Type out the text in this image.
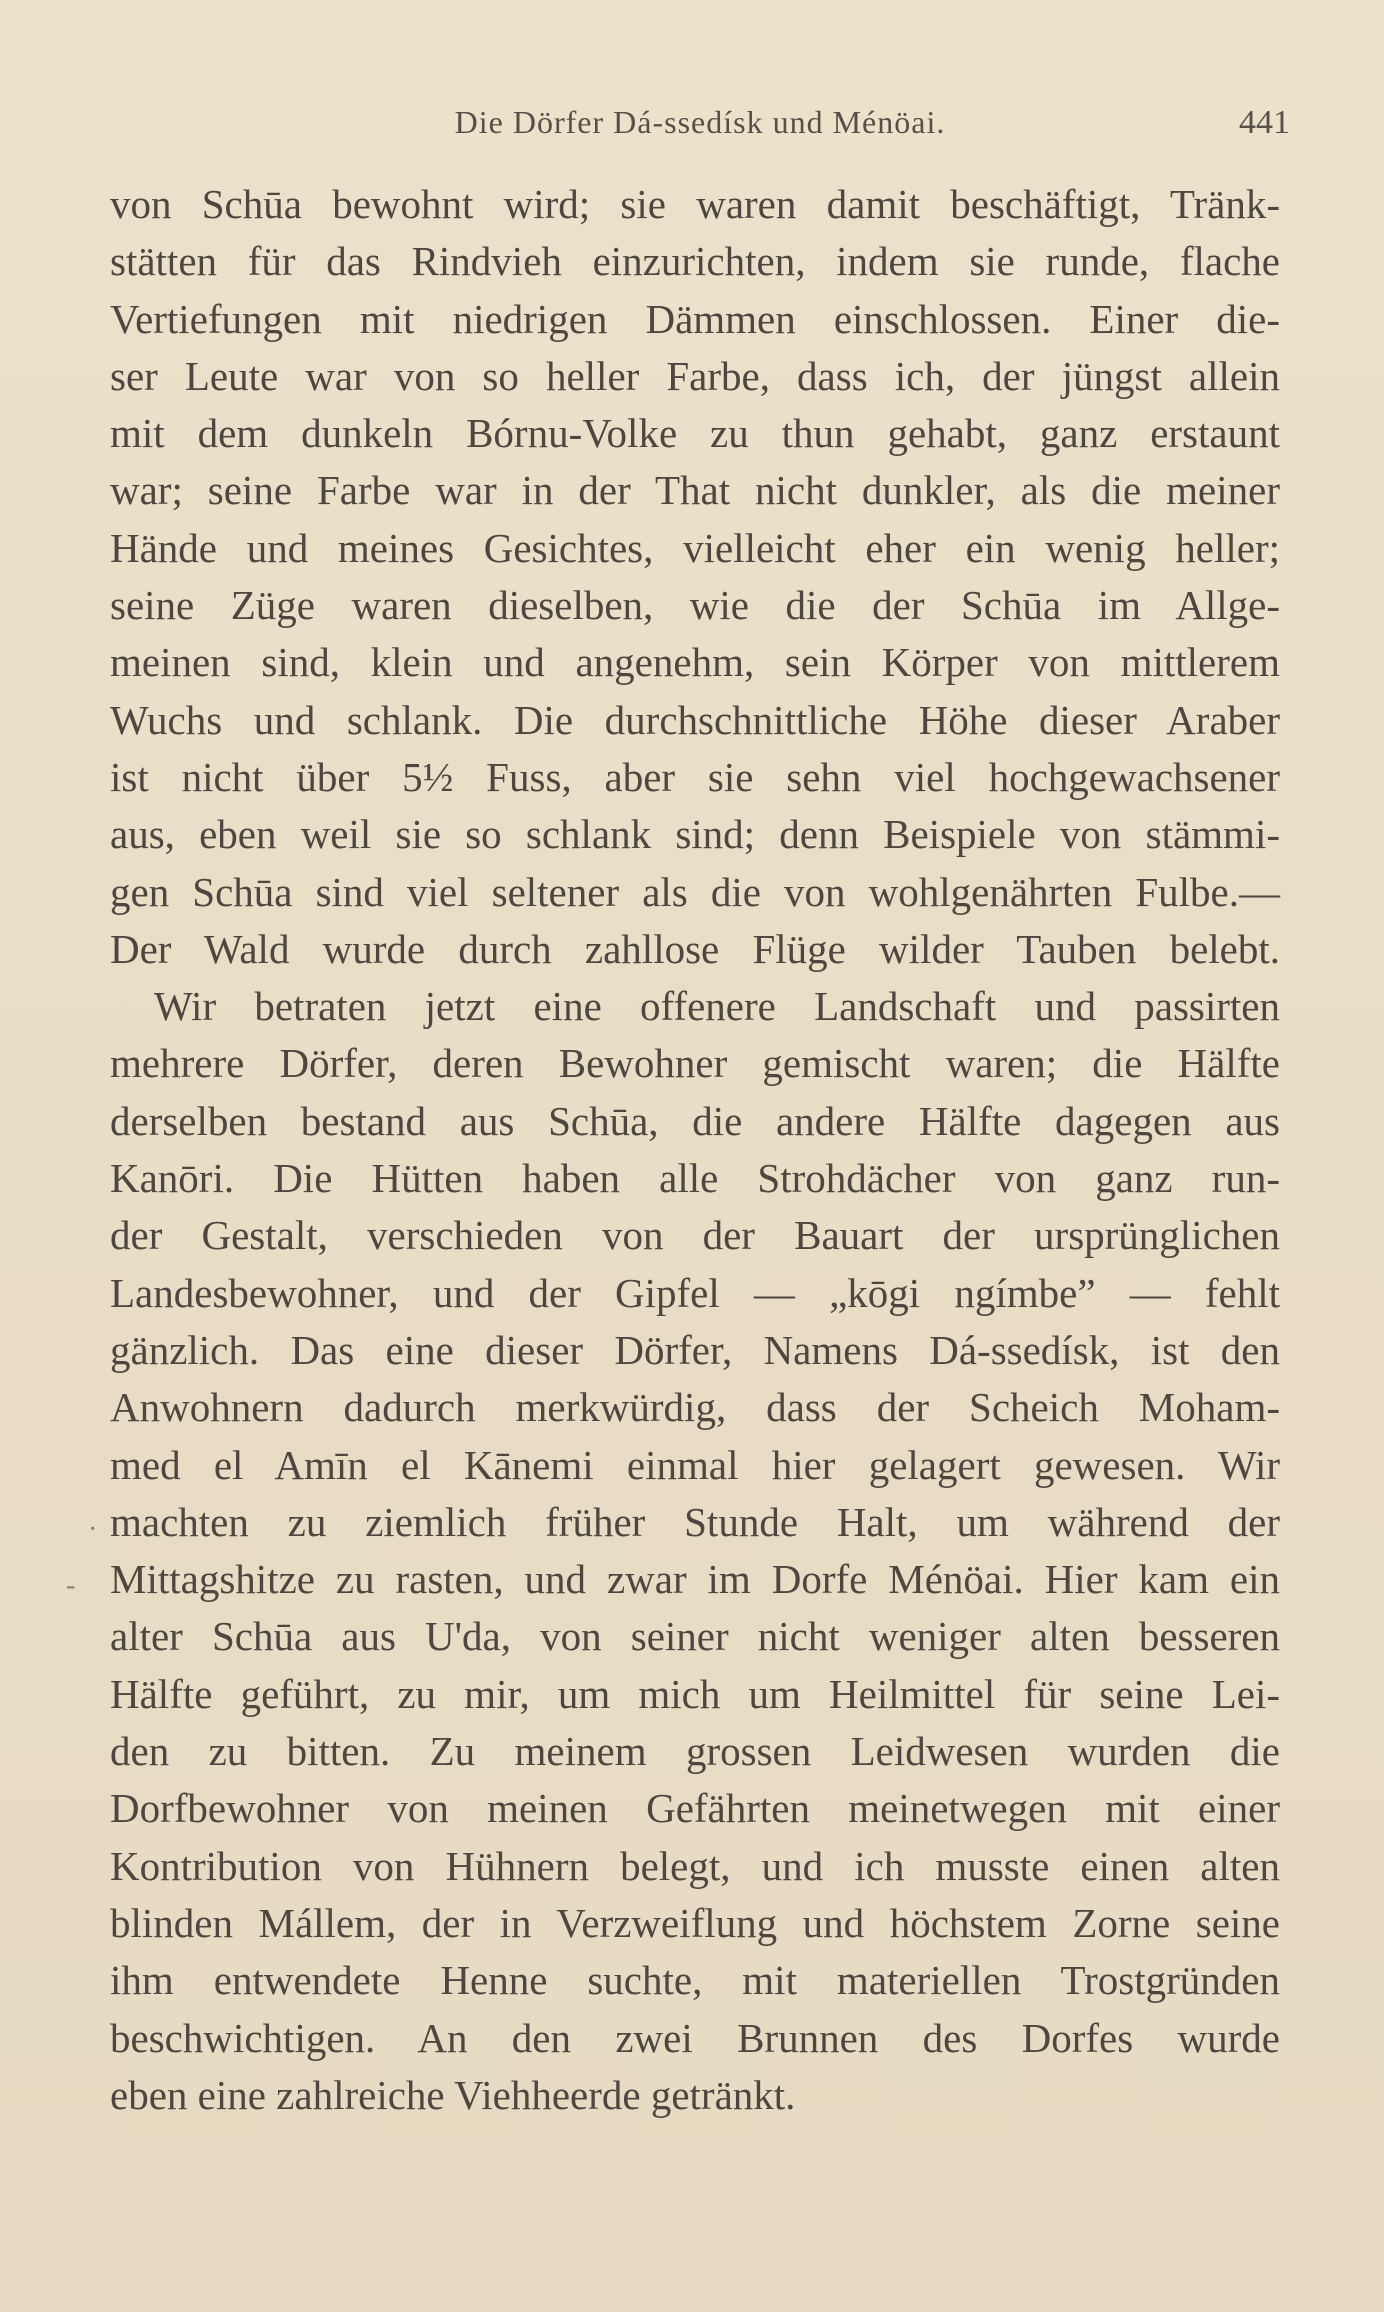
Die Dörfer Dá-ssedísk und Ménöai.	441
·
-
von Schūa bewohnt wird; sie waren damit beschäftigt, Tränk-
stätten für das Rindvieh einzurichten, indem sie runde, flache
Vertiefungen mit niedrigen Dämmen einschlossen. Einer die-
ser Leute war von so heller Farbe, dass ich, der jüngst allein
mit dem dunkeln Bórnu-Volke zu thun gehabt, ganz erstaunt
war; seine Farbe war in der That nicht dunkler, als die meiner
Hände und meines Gesichtes, vielleicht eher ein wenig heller;
seine Züge waren dieselben, wie die der Schūa im Allge-
meinen sind, klein und angenehm, sein Körper von mittlerem
Wuchs und schlank. Die durchschnittliche Höhe dieser Araber
ist nicht über 5½ Fuss, aber sie sehn viel hochgewachsener
aus, eben weil sie so schlank sind; denn Beispiele von stämmi-
gen Schūa sind viel seltener als die von wohlgenährten Fulbe.—
Der Wald wurde durch zahllose Flüge wilder Tauben belebt.
Wir betraten jetzt eine offenere Landschaft und passirten
mehrere Dörfer, deren Bewohner gemischt waren; die Hälfte
derselben bestand aus Schūa, die andere Hälfte dagegen aus
Kanōri. Die Hütten haben alle Strohdächer von ganz run-
der Gestalt, verschieden von der Bauart der ursprünglichen
Landesbewohner, und der Gipfel — „kōgi ngímbe” — fehlt
gänzlich. Das eine dieser Dörfer, Namens Dá-ssedísk, ist den
Anwohnern dadurch merkwürdig, dass der Scheich Moham-
med el Amīn el Kānemi einmal hier gelagert gewesen. Wir
machten zu ziemlich früher Stunde Halt, um während der
Mittagshitze zu rasten, und zwar im Dorfe Ménöai. Hier kam ein
alter Schūa aus U'da, von seiner nicht weniger alten besseren
Hälfte geführt, zu mir, um mich um Heilmittel für seine Lei-
den zu bitten. Zu meinem grossen Leidwesen wurden die
Dorfbewohner von meinen Gefährten meinetwegen mit einer
Kontribution von Hühnern belegt, und ich musste einen alten
blinden Mállem, der in Verzweiflung und höchstem Zorne seine
ihm entwendete Henne suchte, mit materiellen Trostgründen
beschwichtigen. An den zwei Brunnen des Dorfes wurde
eben eine zahlreiche Viehheerde getränkt.
